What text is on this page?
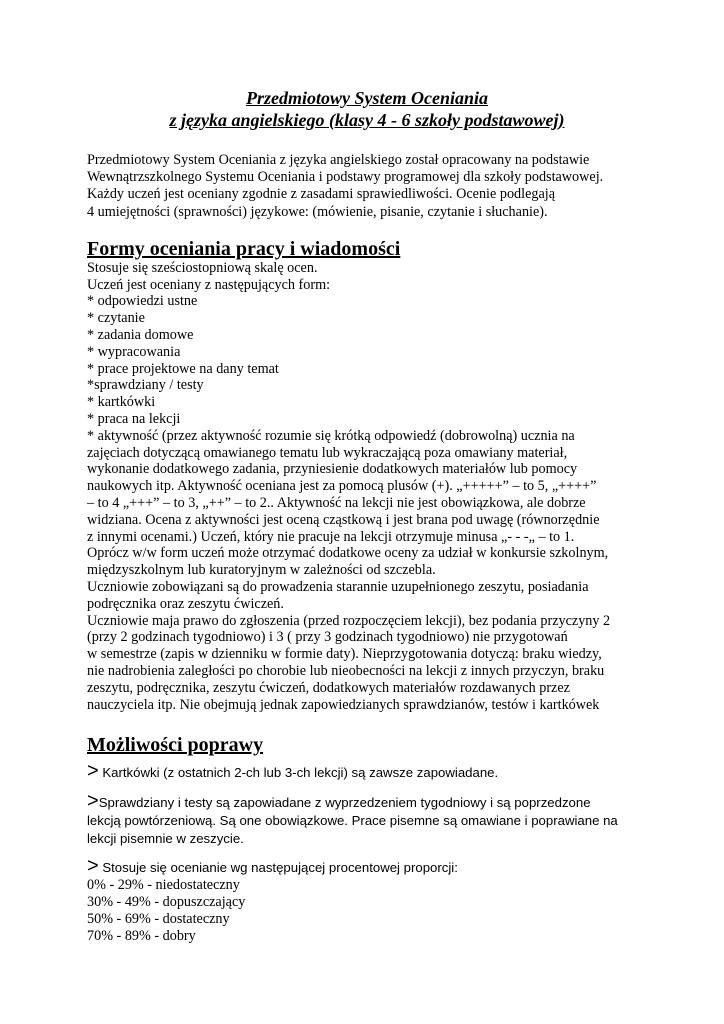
Przedmiotowy System Oceniania
z języka angielskiego (klasy 4 - 6 szkoły podstawowej)
Przedmiotowy System Oceniania z języka angielskiego został opracowany na podstawie
Wewnątrzszkolnego Systemu Oceniania i podstawy programowej dla szkoły podstawowej.
Każdy uczeń jest oceniany zgodnie z zasadami sprawiedliwości. Ocenie podlegają
4 umiejętności (sprawności) językowe: (mówienie, pisanie, czytanie i słuchanie).
Formy oceniania pracy i wiadomości
Stosuje się sześciostopniową skalę ocen.
Uczeń jest oceniany z następujących form:
* odpowiedzi ustne
* czytanie
* zadania domowe
* wypracowania
* prace projektowe na dany temat
*sprawdziany / testy
* kartkówki
* praca na lekcji
* aktywność (przez aktywność rozumie się krótką odpowiedź (dobrowolną) ucznia na
zajęciach dotyczącą omawianego tematu lub wykraczającą poza omawiany materiał,
wykonanie dodatkowego zadania, przyniesienie dodatkowych materiałów lub pomocy
naukowych itp. Aktywność oceniana jest za pomocą plusów (+). „+++++” – to 5, „++++”
– to 4 „+++” – to 3, „++” – to 2.. Aktywność na lekcji nie jest obowiązkowa, ale dobrze
widziana. Ocena z aktywności jest oceną cząstkową i jest brana pod uwagę (równorzędnie
z innymi ocenami.) Uczeń, który nie pracuje na lekcji otrzymuje minusa „- - -„ – to 1.
Oprócz w/w form uczeń może otrzymać dodatkowe oceny za udział w konkursie szkolnym,
międzyszkolnym lub kuratoryjnym w zależności od szczebla.
Uczniowie zobowiązani są do prowadzenia starannie uzupełnionego zeszytu, posiadania
podręcznika oraz zeszytu ćwiczeń.
Uczniowie maja prawo do zgłoszenia (przed rozpoczęciem lekcji), bez podania przyczyny 2
(przy 2 godzinach tygodniowo) i 3 ( przy 3 godzinach tygodniowo) nie przygotowań
w semestrze (zapis w dzienniku w formie daty). Nieprzygotowania dotyczą: braku wiedzy,
nie nadrobienia zaległości po chorobie lub nieobecności na lekcji z innych przyczyn, braku
zeszytu, podręcznika, zeszytu ćwiczeń, dodatkowych materiałów rozdawanych przez
nauczyciela itp. Nie obejmują jednak zapowiedzianych sprawdzianów, testów i kartkówek
Możliwości poprawy
> Kartkówki (z ostatnich 2-ch lub 3-ch lekcji) są zawsze zapowiadane.
>Sprawdziany i testy są zapowiadane z wyprzedzeniem tygodniowy i są poprzedzone
lekcją powtórzeniową. Są one obowiązkowe. Prace pisemne są omawiane i poprawiane na
lekcji pisemnie w zeszycie.
> Stosuje się ocenianie wg następującej procentowej proporcji:
0% - 29% - niedostateczny
30% - 49% - dopuszczający
50% - 69% - dostateczny
70% - 89% - dobry
